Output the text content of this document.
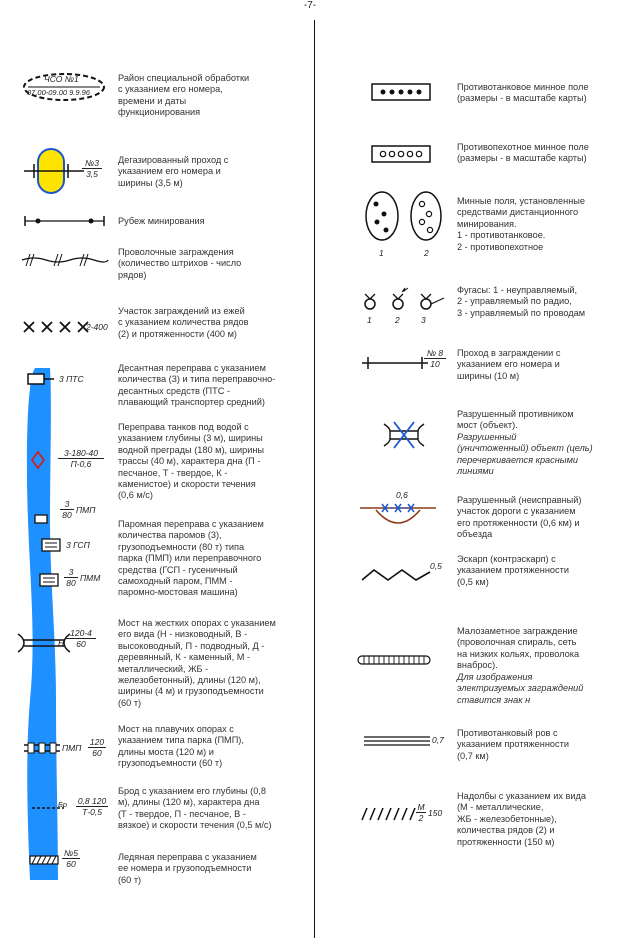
-7-
ЧСО №1
07.00-09.00 9.9.96
Район специальной обработки
с указанием его номера,
времени и даты
функционирования
$\frac{№3}{3,5}$ Дегазированный проход с
указанием его номера и
ширины (3,5 м)
Рубеж минирования
Проволочные заграждения
(количество штрихов - число
рядов)
2-400
Участок заграждений из ежей
с указанием количества рядов
(2) и протяженности (400 м)
3 ПТС
Десантная переправа с указанием
количества (3) и типа переправочно-
десантных средств (ПТС -
плавающий транспортер средний)
3-180-40
П-0,6
Переправа танков под водой с
указанием глубины (3 м), ширины
водной преграды (180 м), ширины
трассы (40 м), характера дна (П -
песчаное, Т - твердое, К -
каменистое) и скорости течения
(0,6 м/с)
$\frac{3}{80}$ ПМП
3 ГСП
$\frac{3}{80}$ ПММ
Паромная переправа с указанием
количества паромов (3),
грузоподъемности (80 т) типа
парка (ПМП) или переправочного
средства (ГСП - гусеничный
самоходный паром, ПММ -
паромно-мостовая машина)
Н $\frac{120-4}{60}$
Мост на жестких опорах с указанием
его вида (Н - низководный, В -
высоководный, П - подводный, Д -
деревянный, К - каменный, М -
металлический, ЖБ -
железобетонный), длины (120 м),
ширины (4 м) и грузоподъемности
(60 т)
ПМП $\frac{120}{60}$
Мост на плавучих опорах с
указанием типа парка (ПМП),
длины моста (120 м) и
грузоподъемности (60 т)
Бр 0,8 120
Т-0,5
Брод с указанием его глубины (0,8
м), длины (120 м), характера дна
(Т - твердое, П - песчаное, В -
вязкое) и скорости течения (0,5 м/с)
$\frac{№5}{60}$	Ледяная переправа с указанием
ее номера и грузоподъемности
(60 т)
Противотанковое минное поле
(размеры - в масштабе карты)
Противопехотное минное поле
(размеры - в масштабе карты)
1	2
Минные поля, установленные
средствами дистанционного
минирования.
1 - противотанковое.
2 - противопехотное
1	2	3
Фугасы: 1 - неуправляемый,
2 - управляемый по радио,
3 - управляемый по проводам
$\frac{№ 8}{10}$ Проход в заграждении с
указанием его номера и
ширины (10 м)
Разрушенный противником
мост (объект).
Разрушенный
(уничтоженный) объект (цель)
перечеркивается красными
линиями
0,6	Разрушенный (неисправный)
участок дороги с указанием
его протяженности (0,6 км) и
объезда
0,5
Эскарп (контрэскарп) с
указанием протяженности
(0,5 км)
Малозаметное заграждение
(проволочная спираль, сеть
на низких кольях, проволока
внаброс).
Для изображения
электризуемых заграждений
ставится знак н
0,7
Противотанковый ров с
указанием протяженности
(0,7 км)
М
2 150
Надолбы с указанием их вида
(М - металлические,
ЖБ - железобетонные),
количества рядов (2) и
протяженности (150 м)
